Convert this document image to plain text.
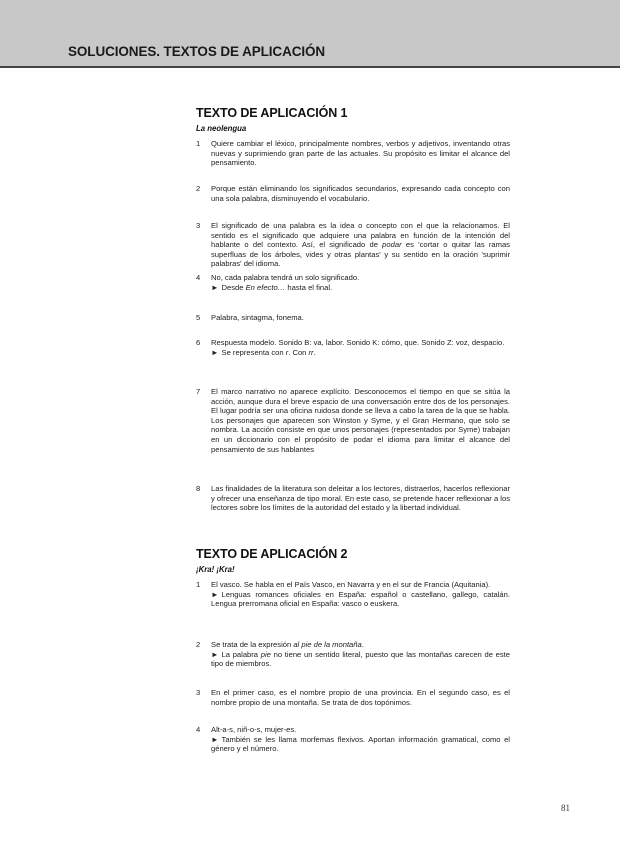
SOLUCIONES. TEXTOS DE APLICACIÓN
TEXTO DE APLICACIÓN 1
La neolengua
1	Quiere cambiar el léxico, principalmente nombres, verbos y adjetivos, inventando otras nuevas y suprimiendo gran parte de las actuales. Su propósito es limitar el alcance del pensamiento.

2	Porque están eliminando los significados secundarios, expresando cada concepto con una sola palabra, disminuyendo el vocabulario.

3	El significado de una palabra es la idea o concepto con el que la relacionamos. El sentido es el significado que adquiere una palabra en función de la intención del hablante o del contexto. Así, el significado de podar es 'cortar o quitar las ramas superfluas de los árboles, vides y otras plantas' y su sentido en la oración 'suprimir palabras' del idioma.

4	No, cada palabra tendrá un solo significado.

► Desde En efecto… hasta el final.

5	Palabra, sintagma, fonema.

6	Respuesta modelo. Sonido B: va, labor. Sonido K: cómo, que. Sonido Z: voz, despacio.

► Se representa con r. Con rr.

7	El marco narrativo no aparece explícito. Desconocemos el tiempo en que se sitúa la acción, aunque dura el breve espacio de una conversación entre dos de los personajes. El lugar podría ser una oficina ruidosa donde se lleva a cabo la tarea de la que se habla. Los personajes que aparecen son Winston y Syme, y el Gran Hermano, que solo se nombra. La acción consiste en que unos personajes (representados por Syme) trabajan en un diccionario con el propósito de podar el idioma para limitar el alcance del pensamiento de sus hablantes

8	Las finalidades de la literatura son deleitar a los lectores, distraerlos, hacerlos reflexionar y ofrecer una enseñanza de tipo moral. En este caso, se pretende hacer reflexionar a los lectores sobre los límites de la autoridad del estado y la libertad individual.

TEXTO DE APLICACIÓN 2
¡Kra! ¡Kra!
1	El vasco. Se habla en el País Vasco, en Navarra y en el sur de Francia (Aquitania).

► Lenguas romances oficiales en España: español o castellano, gallego, catalán. Lengua prerromana oficial en España: vasco o euskera.

2	Se trata de la expresión al pie de la montaña.

► La palabra pie no tiene un sentido literal, puesto que las montañas carecen de este tipo de miembros.

3	En el primer caso, es el nombre propio de una provincia. En el segundo caso, es el nombre propio de una montaña. Se trata de dos topónimos.

4	Alt-a-s, niñ-o-s, mujer-es.

► También se les llama morfemas flexivos. Aportan información gramatical, como el género y el número.

81
